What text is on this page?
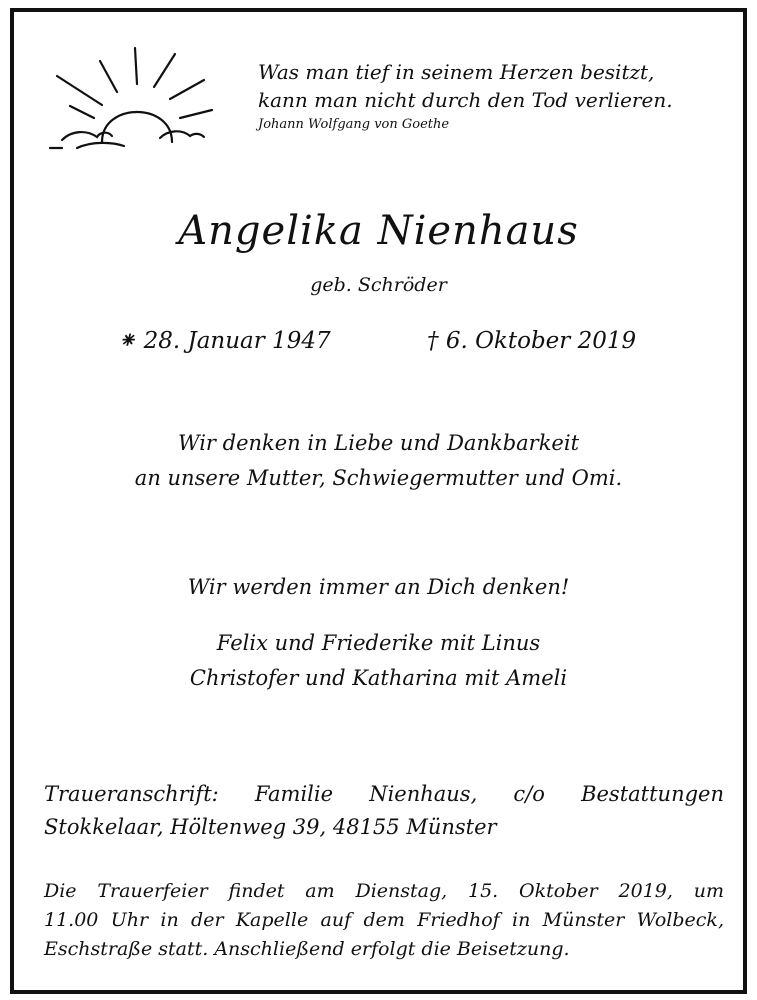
Was man tief in seinem Herzen besitzt,
kann man nicht durch den Tod verlieren.
Johann Wolfgang von Goethe
Angelika Nienhaus
geb. Schröder
⁕ 28. Januar 1947	† 6. Oktober 2019
Wir denken in Liebe und Dankbarkeit
an unsere Mutter, Schwiegermutter und Omi.
Wir werden immer an Dich denken!
Felix und Friederike mit Linus
Christofer und Katharina mit Ameli
Traueranschrift: Familie Nienhaus, c/o Bestattungen
Stokkelaar, Höltenweg 39, 48155 Münster
Die Trauerfeier findet am Dienstag, 15. Oktober 2019, um
11.00 Uhr in der Kapelle auf dem Friedhof in Münster Wolbeck,
Eschstraße statt. Anschließend erfolgt die Beisetzung.
